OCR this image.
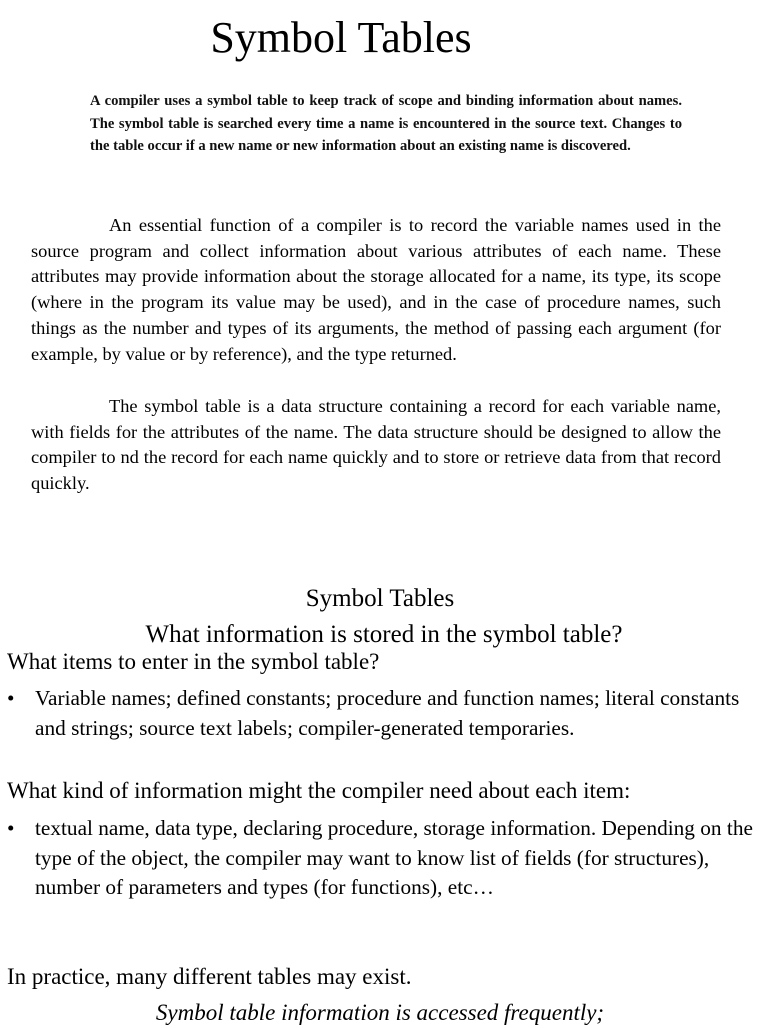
Symbol Tables
A compiler uses a symbol table to keep track of scope and binding information about names. The symbol table is searched every time a name is encountered in the source text. Changes to the table occur if a new name or new information about an existing name is discovered.

An essential function of a compiler is to record the variable names used in the source program and collect information about various attributes of each name. These attributes may provide information about the storage allocated for a name, its type, its scope (where in the program its value may be used), and in the case of procedure names, such things as the number and types of its arguments, the method of passing each argument (for example, by value or by reference), and the type returned.

The symbol table is a data structure containing a record for each variable name, with fields for the attributes of the name. The data structure should be designed to allow the compiler to nd the record for each name quickly and to store or retrieve data from that record quickly.

Symbol Tables
What information is stored in the symbol table?
What items to enter in the symbol table?
• Variable names; defined constants; procedure and function names; literal constants and strings; source text labels; compiler-generated temporaries.
What kind of information might the compiler need about each item:
• textual name, data type, declaring procedure, storage information. Depending on the type of the object, the compiler may want to know list of fields (for structures), number of parameters and types (for functions), etc…
In practice, many different tables may exist.
Symbol table information is accessed frequently;
